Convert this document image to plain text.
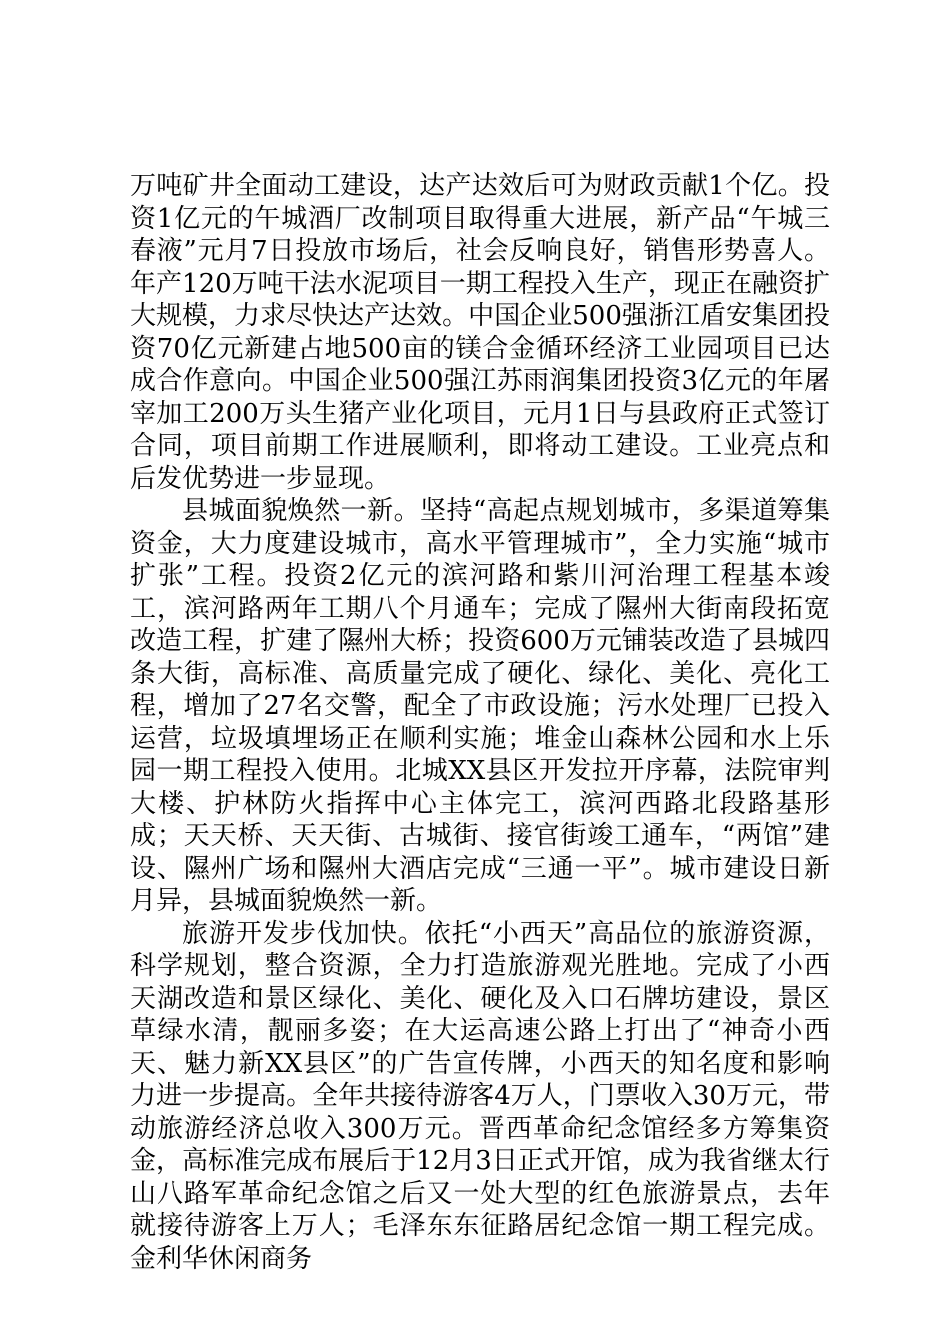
万吨矿井全面动工建设，达产达效后可为财政贡献1个亿。投资1亿元的午城酒厂改制项目取得重大进展，新产品“午城三春液”元月7日投放市场后，社会反响良好，销售形势喜人。年产120万吨干法水泥项目一期工程投入生产，现正在融资扩大规模，力求尽快达产达效。中国企业500强浙江盾安集团投资70亿元新建占地500亩的镁合金循环经济工业园项目已达成合作意向。中国企业500强江苏雨润集团投资3亿元的年屠宰加工200万头生猪产业化项目，元月1日与县政府正式签订合同，项目前期工作进展顺利，即将动工建设。工业亮点和后发优势进一步显现。

县城面貌焕然一新。坚持“高起点规划城市，多渠道筹集资金，大力度建设城市，高水平管理城市”，全力实施“城市扩张”工程。投资2亿元的滨河路和紫川河治理工程基本竣工，滨河路两年工期八个月通车；完成了隰州大街南段拓宽改造工程，扩建了隰州大桥；投资600万元铺装改造了县城四条大街，高标准、高质量完成了硬化、绿化、美化、亮化工程，增加了27名交警，配全了市政设施；污水处理厂已投入运营，垃圾填埋场正在顺利实施；堆金山森林公园和水上乐园一期工程投入使用。北城XX县区开发拉开序幕，法院审判大楼、护林防火指挥中心主体完工，滨河西路北段路基形成；天天桥、天天街、古城街、接官街竣工通车，“两馆”建设、隰州广场和隰州大酒店完成“三通一平”。城市建设日新月异，县城面貌焕然一新。

旅游开发步伐加快。依托“小西天”高品位的旅游资源，科学规划，整合资源，全力打造旅游观光胜地。完成了小西天湖改造和景区绿化、美化、硬化及入口石牌坊建设，景区草绿水清，靓丽多姿；在大运高速公路上打出了“神奇小西天、魅力新XX县区”的广告宣传牌，小西天的知名度和影响力进一步提高。全年共接待游客4万人，门票收入30万元，带动旅游经济总收入300万元。晋西革命纪念馆经多方筹集资金，高标准完成布展后于12月3日正式开馆，成为我省继太行山八路军革命纪念馆之后又一处大型的红色旅游景点，去年就接待游客上万人；毛泽东东征路居纪念馆一期工程完成。金利华休闲商务
